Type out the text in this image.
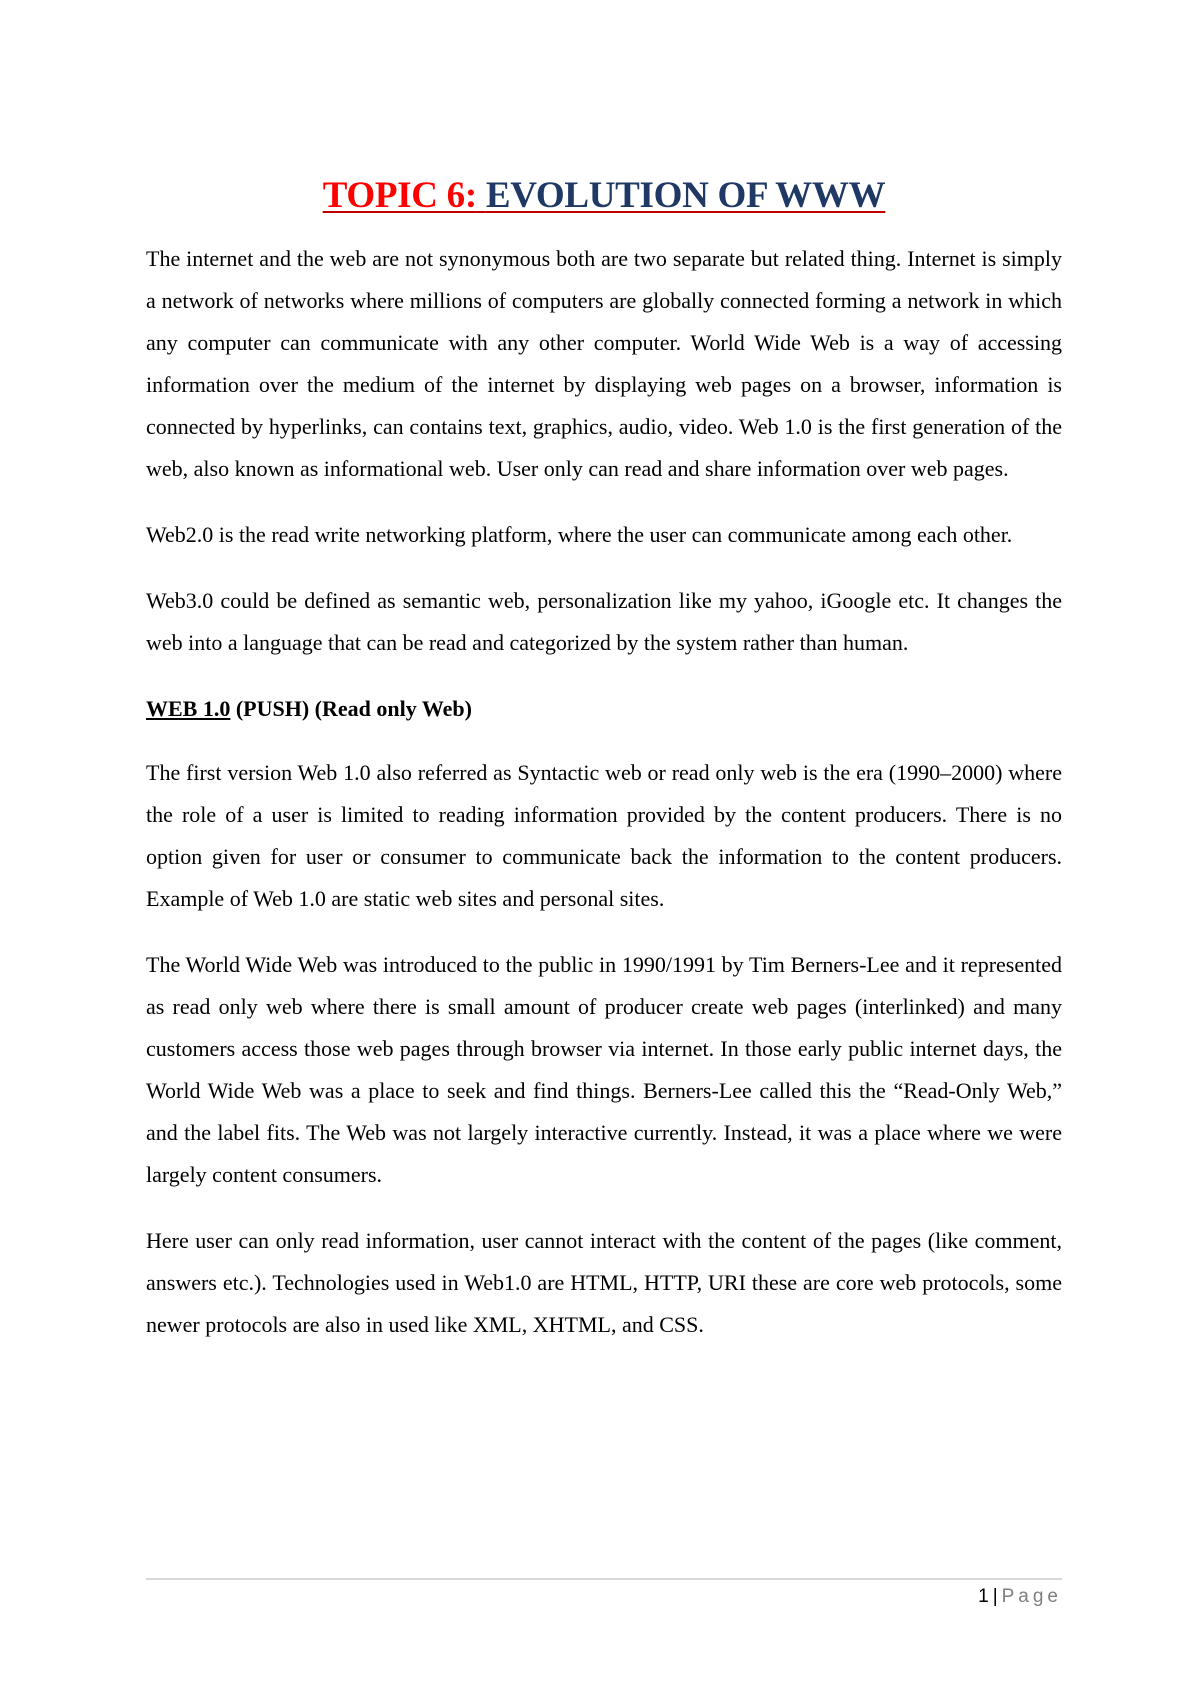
TOPIC 6: EVOLUTION OF WWW

The internet and the web are not synonymous both are two separate but related thing. Internet is simply a network of networks where millions of computers are globally connected forming a network in which any computer can communicate with any other computer. World Wide Web is a way of accessing information over the medium of the internet by displaying web pages on a browser, information is connected by hyperlinks, can contains text, graphics, audio, video. Web 1.0 is the first generation of the web, also known as informational web. User only can read and share information over web pages.

Web2.0 is the read write networking platform, where the user can communicate among each other.

Web3.0 could be defined as semantic web, personalization like my yahoo, iGoogle etc. It changes the web into a language that can be read and categorized by the system rather than human.

WEB 1.0 (PUSH) (Read only Web)

The first version Web 1.0 also referred as Syntactic web or read only web is the era (1990–2000) where the role of a user is limited to reading information provided by the content producers. There is no option given for user or consumer to communicate back the information to the content producers. Example of Web 1.0 are static web sites and personal sites.

The World Wide Web was introduced to the public in 1990/1991 by Tim Berners-Lee and it represented as read only web where there is small amount of producer create web pages (interlinked) and many customers access those web pages through browser via internet. In those early public internet days, the World Wide Web was a place to seek and find things. Berners-Lee called this the “Read-Only Web,” and the label fits. The Web was not largely interactive currently. Instead, it was a place where we were largely content consumers.

Here user can only read information, user cannot interact with the content of the pages (like comment, answers etc.). Technologies used in Web1.0 are HTML, HTTP, URI these are core web protocols, some newer protocols are also in used like XML, XHTML, and CSS.

1 | Page
